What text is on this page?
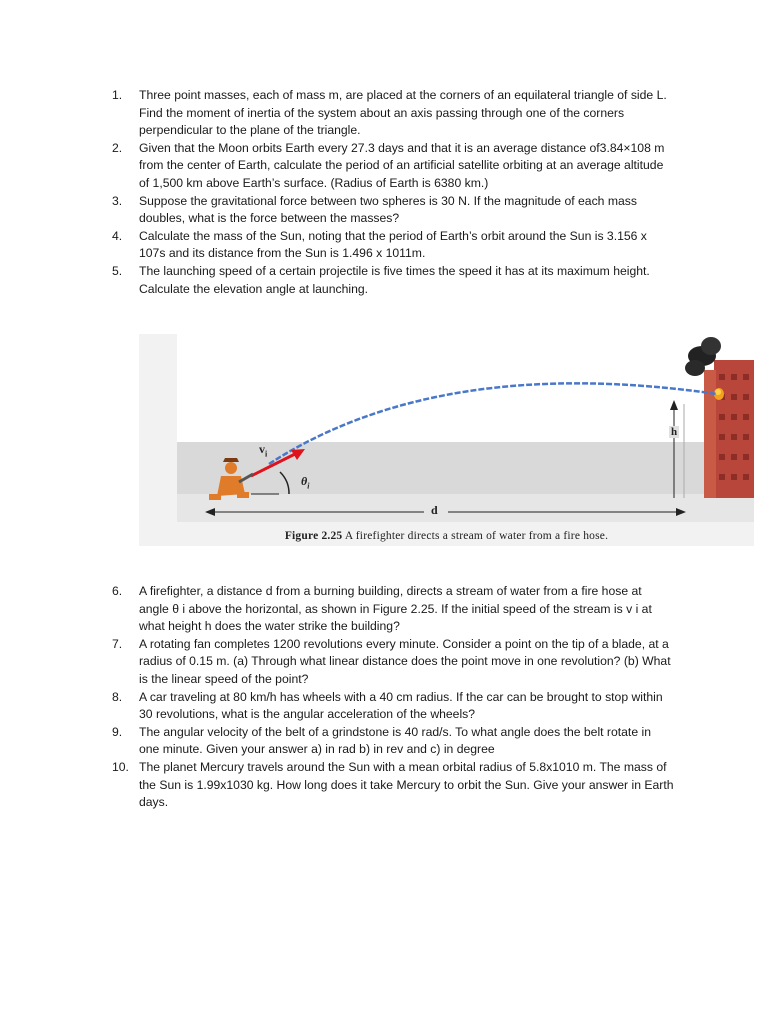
1.	Three point masses, each of mass m, are placed at the corners of an equilateral triangle of side L. Find the moment of inertia of the system about an axis passing through one of the corners perpendicular to the plane of the triangle.
2.	Given that the Moon orbits Earth every 27.3 days and that it is an average distance of3.84×108 m from the center of Earth, calculate the period of an artificial satellite orbiting at an average altitude of 1,500 km above Earth’s surface. (Radius of Earth is 6380 km.)
3.	Suppose the gravitational force between two spheres is 30 N. If the magnitude of each mass doubles, what is the force between the masses?
4.	Calculate the mass of the Sun, noting that the period of Earth’s orbit around the Sun is 3.156 x 107s and its distance from the Sun is 1.496 x 1011m.
5.	The launching speed of a certain projectile is five times the speed it has at its maximum height. Calculate the elevation angle at launching.
$v_i$
$\theta_i$
h
d
Figure 2.25 A firefighter directs a stream of water from a fire hose.
6.	A firefighter, a distance d from a burning building, directs a stream of water from a fire hose at angle θ i above the horizontal, as shown in Figure 2.25. If the initial speed of the stream is v i at what height h does the water strike the building?
7.	A rotating fan completes 1200 revolutions every minute. Consider a point on the tip of a blade, at a radius of 0.15 m. (a) Through what linear distance does the point move in one revolution? (b) What is the linear speed of the point?
8.	A car traveling at 80 km/h has wheels with a 40 cm radius. If the car can be brought to stop within 30 revolutions, what is the angular acceleration of the wheels?
9.	The angular velocity of the belt of a grindstone is 40 rad/s. To what angle does the belt rotate in one minute. Given your answer a) in rad b) in rev and c) in degree
10. The planet Mercury travels around the Sun with a mean orbital radius of 5.8x1010 m. The mass of the Sun is 1.99x1030 kg. How long does it take Mercury to orbit the Sun. Give your answer in Earth days.
